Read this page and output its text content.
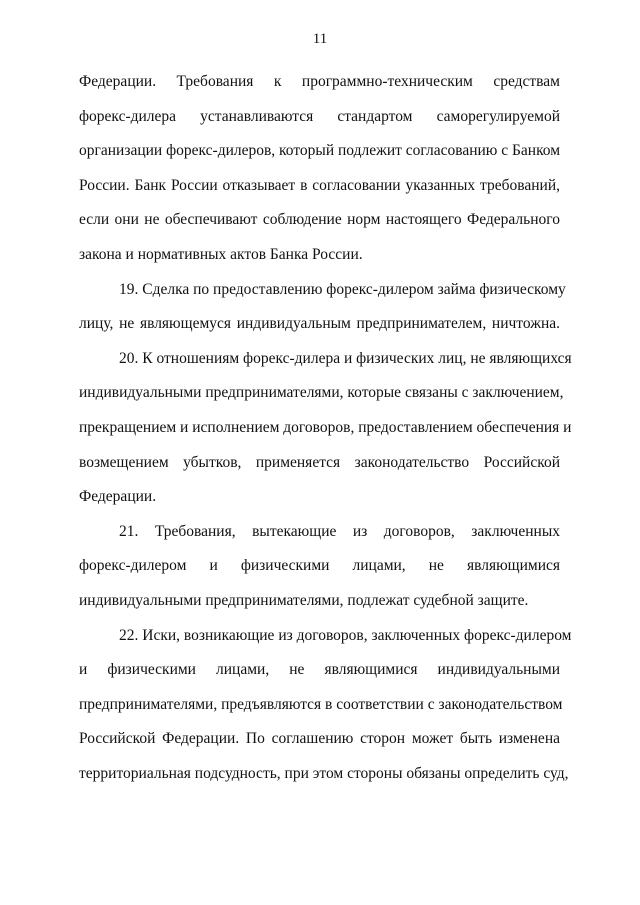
11
Федерации. Требования к программно-техническим средствам
форекс-дилера устанавливаются стандартом саморегулируемой
организации форекс-дилеров, который подлежит согласованию с Банком
России. Банк России отказывает в согласовании указанных требований,
если они не обеспечивают соблюдение норм настоящего Федерального
закона и нормативных актов Банка России.
19. Сделка по предоставлению форекс-дилером займа физическому
лицу, не являющемуся индивидуальным предпринимателем, ничтожна.
20. К отношениям форекс-дилера и физических лиц, не являющихся
индивидуальными предпринимателями, которые связаны с заключением,
прекращением и исполнением договоров, предоставлением обеспечения и
возмещением убытков, применяется законодательство Российской
Федерации.
21. Требования, вытекающие из договоров, заключенных
форекс-дилером и физическими лицами, не являющимися
индивидуальными предпринимателями, подлежат судебной защите.
22. Иски, возникающие из договоров, заключенных форекс-дилером
и физическими лицами, не являющимися индивидуальными
предпринимателями, предъявляются в соответствии с законодательством
Российской Федерации. По соглашению сторон может быть изменена
территориальная подсудность, при этом стороны обязаны определить суд,
